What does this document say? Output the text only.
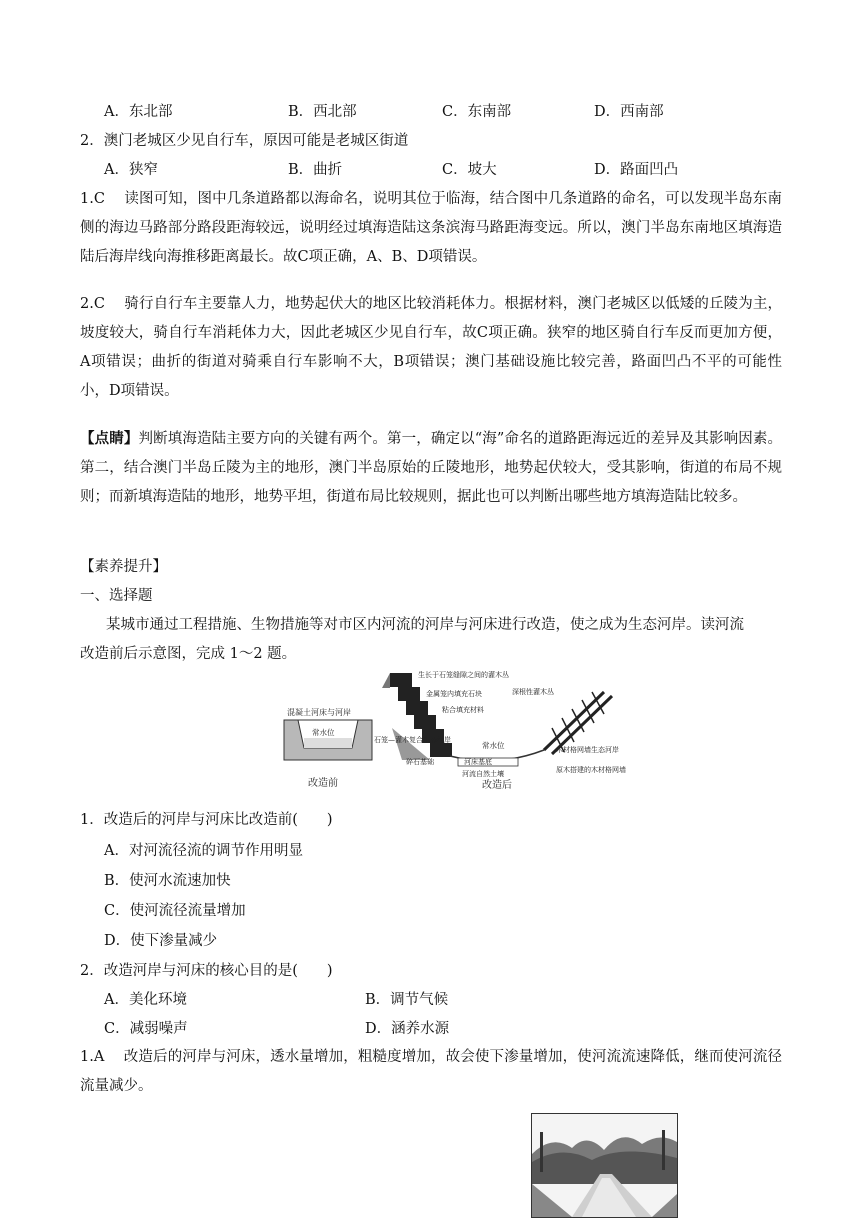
A．东北部	B．西北部	C．东南部	D．西南部
2．澳门老城区少见自行车，原因可能是老城区街道
A．狭窄	B．曲折	C．坡大	D．路面凹凸
1.C　 读图可知，图中几条道路都以海命名，说明其位于临海，结合图中几条道路的命名，可以发现半岛东南侧的海边马路部分路段距海较远，说明经过填海造陆这条滨海马路距海变远。所以，澳门半岛东南地区填海造陆后海岸线向海推移距离最长。故C项正确，A、B、D项错误。
2.C　 骑行自行车主要靠人力，地势起伏大的地区比较消耗体力。根据材料，澳门老城区以低矮的丘陵为主，坡度较大，骑自行车消耗体力大，因此老城区少见自行车，故C项正确。狭窄的地区骑自行车反而更加方便，A项错误；曲折的街道对骑乘自行车影响不大，B项错误；澳门基础设施比较完善，路面凹凸不平的可能性小，D项错误。
【点睛】判断填海造陆主要方向的关键有两个。第一，确定以“海”命名的道路距海远近的差异及其影响因素。第二，结合澳门半岛丘陵为主的地形，澳门半岛原始的丘陵地形，地势起伏较大，受其影响，街道的布局不规则；而新填海造陆的地形，地势平坦，街道布局比较规则，据此也可以判断出哪些地方填海造陆比较多。
【素养提升】
一、选择题
某城市通过工程措施、生物措施等对市区内河流的河岸与河床进行改造，使之成为生态河岸。读河流
改造前后示意图，完成 1～2 题。
混凝土河床与河岸
常水位
改造前
生长于石笼缝隙之间的灌木丛
金属笼内填充石块
粘合填充材料
石笼—灌木复合生态河岸
碎石基础
常水位
河床基底
河流自然土壤
深根性灌木丛
木材格网墙生态河岸
原木搭建的木材格网墙
改造后
1．改造后的河岸与河床比改造前(　　)
A．对河流径流的调节作用明显
B．使河水流速加快
C．使河流径流量增加
D．使下渗量减少
2．改造河岸与河床的核心目的是(　　)
A．美化环境	B．调节气候
C．减弱噪声	D．涵养水源
1.A　 改造后的河岸与河床，透水量增加，粗糙度增加，故会使下渗量增加，使河流流速降低，继而使河流径流量减少。
